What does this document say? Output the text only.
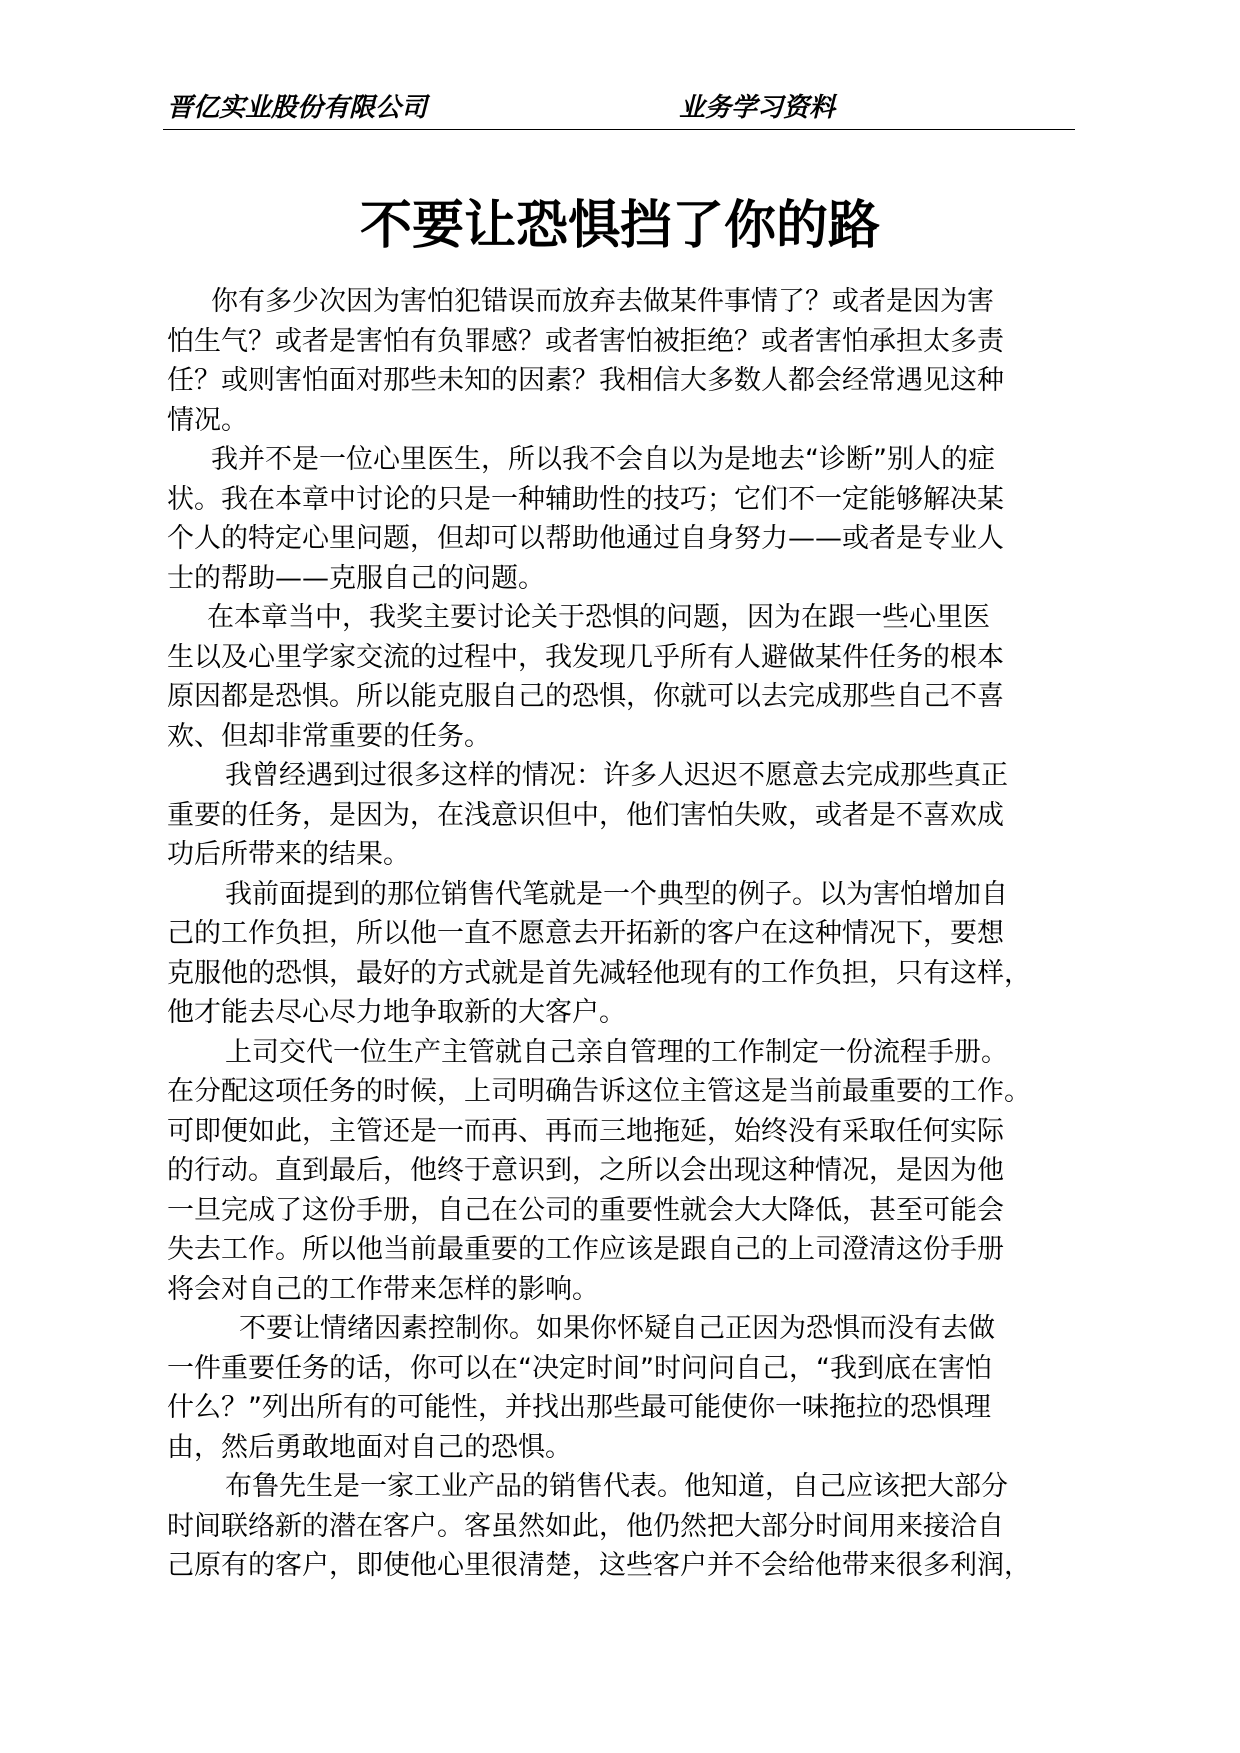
晋亿实业股份有限公司	业务学习资料
不要让恐惧挡了你的路
你有多少次因为害怕犯错误而放弃去做某件事情了？或者是因为害
怕生气？或者是害怕有负罪感？或者害怕被拒绝？或者害怕承担太多责
任？或则害怕面对那些未知的因素？我相信大多数人都会经常遇见这种
情况。
我并不是一位心里医生，所以我不会自以为是地去“诊断”别人的症
状。我在本章中讨论的只是一种辅助性的技巧；它们不一定能够解决某
个人的特定心里问题，但却可以帮助他通过自身努力——或者是专业人
士的帮助——克服自己的问题。
在本章当中，我奖主要讨论关于恐惧的问题，因为在跟一些心里医
生以及心里学家交流的过程中，我发现几乎所有人避做某件任务的根本
原因都是恐惧。所以能克服自己的恐惧，你就可以去完成那些自己不喜
欢、但却非常重要的任务。
我曾经遇到过很多这样的情况：许多人迟迟不愿意去完成那些真正
重要的任务，是因为，在浅意识但中，他们害怕失败，或者是不喜欢成
功后所带来的结果。
我前面提到的那位销售代笔就是一个典型的例子。以为害怕增加自
己的工作负担，所以他一直不愿意去开拓新的客户在这种情况下，要想
克服他的恐惧，最好的方式就是首先减轻他现有的工作负担，只有这样，
他才能去尽心尽力地争取新的大客户。
上司交代一位生产主管就自己亲自管理的工作制定一份流程手册。
在分配这项任务的时候，上司明确告诉这位主管这是当前最重要的工作。
可即便如此，主管还是一而再、再而三地拖延，始终没有采取任何实际
的行动。直到最后，他终于意识到，之所以会出现这种情况，是因为他
一旦完成了这份手册，自己在公司的重要性就会大大降低，甚至可能会
失去工作。所以他当前最重要的工作应该是跟自己的上司澄清这份手册
将会对自己的工作带来怎样的影响。
不要让情绪因素控制你。如果你怀疑自己正因为恐惧而没有去做
一件重要任务的话，你可以在“决定时间”时问问自己，“我到底在害怕
什么？”列出所有的可能性，并找出那些最可能使你一味拖拉的恐惧理
由，然后勇敢地面对自己的恐惧。
布鲁先生是一家工业产品的销售代表。他知道，自己应该把大部分
时间联络新的潜在客户。客虽然如此，他仍然把大部分时间用来接洽自
己原有的客户，即使他心里很清楚，这些客户并不会给他带来很多利润，
